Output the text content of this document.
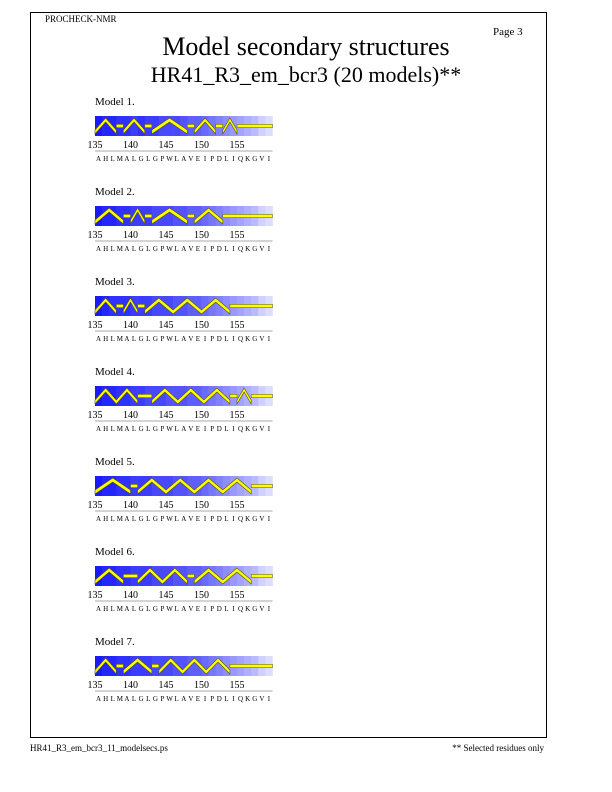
PROCHECK-NMR
Page 3
Model secondary structures
HR41_R3_em_bcr3 (20 models)**
Model 1.
135 140 145 150 155
A H L M A L G L G P W L A V E I P D L I Q K G V I
Model 2.
135 140 145 150 155
A H L M A L G L G P W L A V E I P D L I Q K G V I
Model 3.
135 140 145 150 155
A H L M A L G L G P W L A V E I P D L I Q K G V I
Model 4.
135 140 145 150 155
A H L M A L G L G P W L A V E I P D L I Q K G V I
Model 5.
135 140 145 150 155
A H L M A L G L G P W L A V E I P D L I Q K G V I
Model 6.
135 140 145 150 155
A H L M A L G L G P W L A V E I P D L I Q K G V I
Model 7.
135 140 145 150 155
A H L M A L G L G P W L A V E I P D L I Q K G V I
HR41_R3_em_bcr3_11_modelsecs.ps	** Selected residues only
